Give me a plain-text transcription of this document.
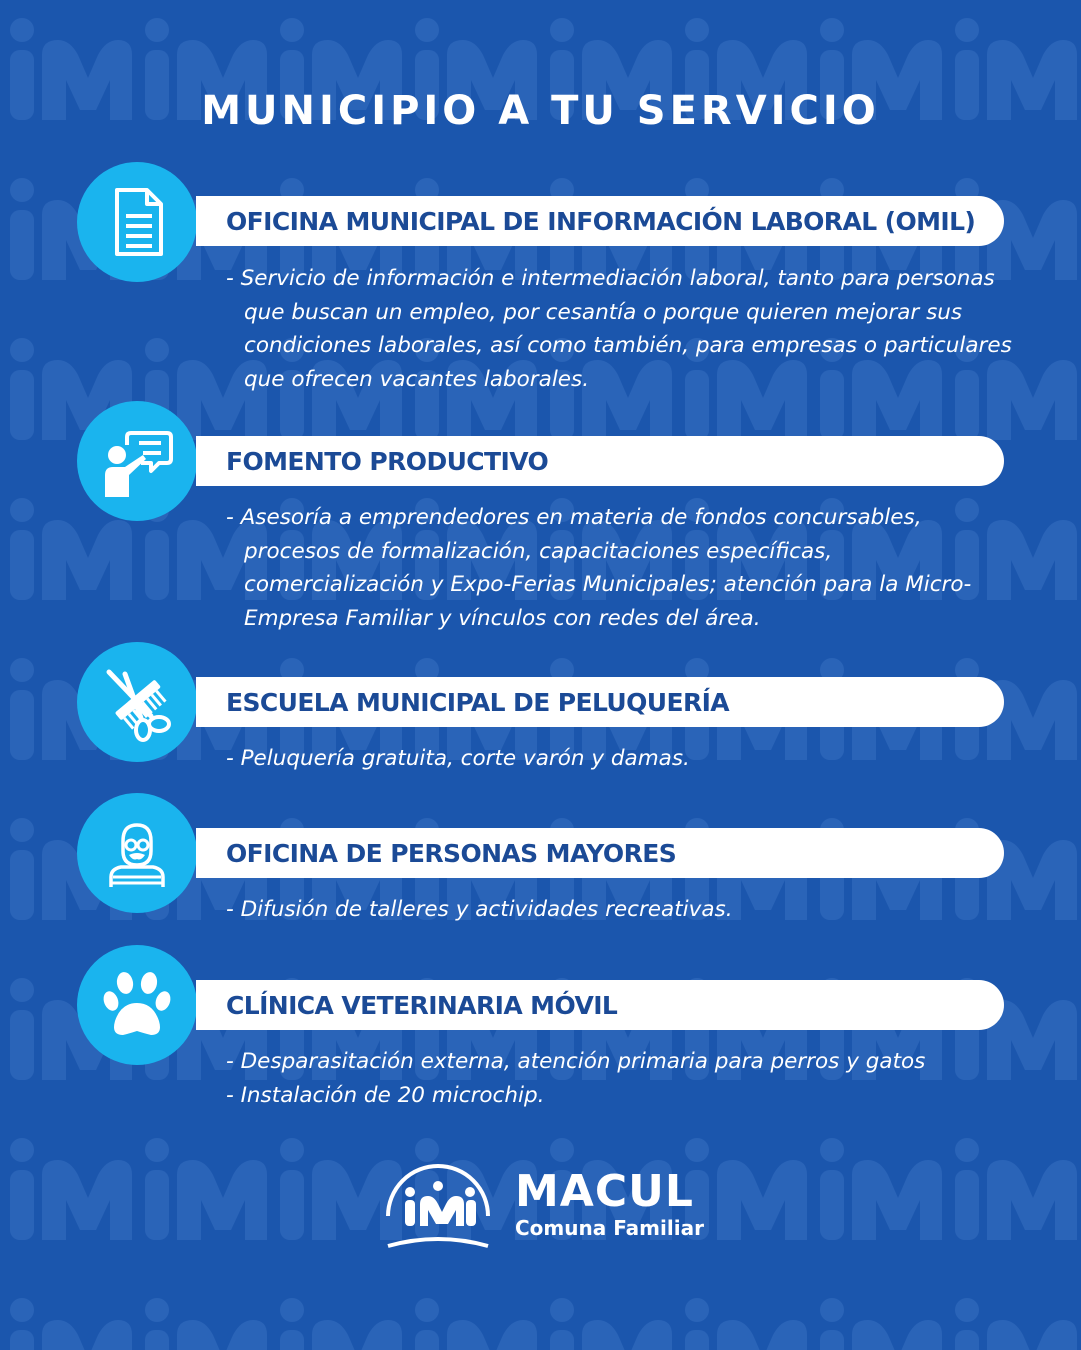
MUNICIPIO A TU SERVICIO
OFICINA MUNICIPAL DE INFORMACIÓN LABORAL (OMIL)

- Servicio de información e intermediación laboral, tanto para personas que buscan un empleo, por cesantía o porque quieren mejorar sus condiciones laborales, así como también, para empresas o particulares que ofrecen vacantes laborales.

FOMENTO PRODUCTIVO

- Asesoría a emprendedores en materia de fondos concursables, procesos de formalización, capacitaciones específicas, comercialización y Expo-Ferias Municipales; atención para la Micro- Empresa Familiar y vínculos con redes del área.

ESCUELA MUNICIPAL DE PELUQUERÍA

- Peluquería gratuita, corte varón y damas.

OFICINA DE PERSONAS MAYORES

- Difusión de talleres y actividades recreativas.

CLÍNICA VETERINARIA MÓVIL

- Desparasitación externa, atención primaria para perros y gatos

- Instalación de 20 microchip.

MACUL
Comuna Familiar
